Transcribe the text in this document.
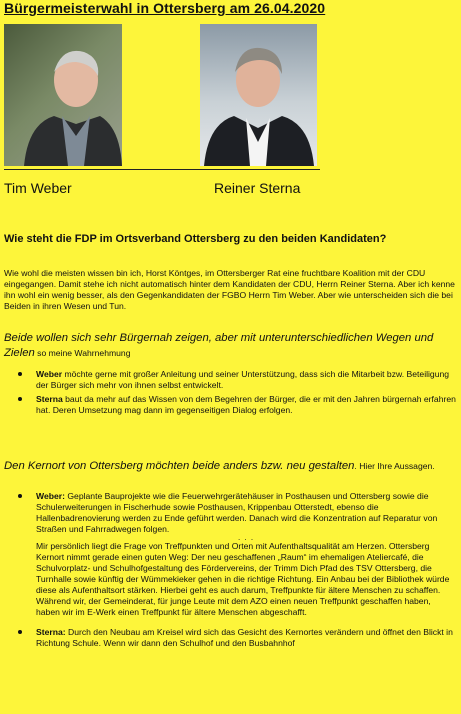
Bürgermeisterwahl in Ottersberg am 26.04.2020
Tim Weber	Reiner Sterna
Wie steht die FDP im Ortsverband Ottersberg zu den beiden Kandidaten?
Wie wohl die meisten wissen bin ich, Horst Köntges, im Ottersberger Rat eine fruchtbare Koalition mit der CDU eingegangen. Damit stehe ich nicht automatisch hinter dem Kandidaten der CDU, Herrn Reiner Sterna. Aber ich kenne ihn wohl ein wenig besser, als den Gegenkandidaten der FGBO Herrn Tim Weber. Aber wie unterscheiden sich die bei Beiden in ihren Wesen und Tun.
Beide wollen sich sehr Bürgernah zeigen, aber mit unterunterschiedlichen Wegen und Zielen so meine Wahrnehmung
Weber möchte gerne mit großer Anleitung und seiner Unterstützung, dass sich die Mitarbeit bzw. Beteiligung der Bürger sich mehr von ihnen selbst entwickelt.
Sterna baut da mehr auf das Wissen von dem Begehren der Bürger, die er mit den Jahren bürgernah erfahren hat. Deren Umsetzung mag dann im gegenseitigen Dialog erfolgen.
Den Kernort von Ottersberg möchten beide anders bzw. neu gestalten. Hier Ihre Aussagen.
Weber: Geplante Bauprojekte wie die Feuerwehrgerätehäuser in Posthausen und Ottersberg sowie die Schulerweiterungen in Fischerhude sowie Posthausen, Krippenbau Otterstedt, ebenso die Hallenbadrenovierung werden zu Ende geführt werden. Danach wird die Konzentration auf Reparatur von Straßen und Fahrradwegen folgen.
. . .
Mir persönlich liegt die Frage von Treffpunkten und Orten mit Aufenthaltsqualität am Herzen. Ottersberg Kernort nimmt gerade einen guten Weg: Der neu geschaffenen „Raum“ im ehemaligen Ateliercafé, die Schulvorplatz- und Schulhofgestaltung des Fördervereins, der Trimm Dich Pfad des TSV Ottersberg, die Turnhalle sowie künftig der Wümmekieker gehen in die richtige Richtung. Ein Anbau bei der Bibliothek würde diese als Aufenthaltsort stärken. Hierbei geht es auch darum, Treffpunkte für ältere Menschen zu schaffen. Während wir, der Gemeinderat, für junge Leute mit dem AZO einen neuen Treffpunkt geschaffen haben, haben wir im E-Werk einen Treffpunkt für ältere Menschen abgeschafft.
Sterna: Durch den Neubau am Kreisel wird sich das Gesicht des Kernortes verändern und öffnet den Blickt in Richtung Schule. Wenn wir dann den Schulhof und den Busbahnhof
